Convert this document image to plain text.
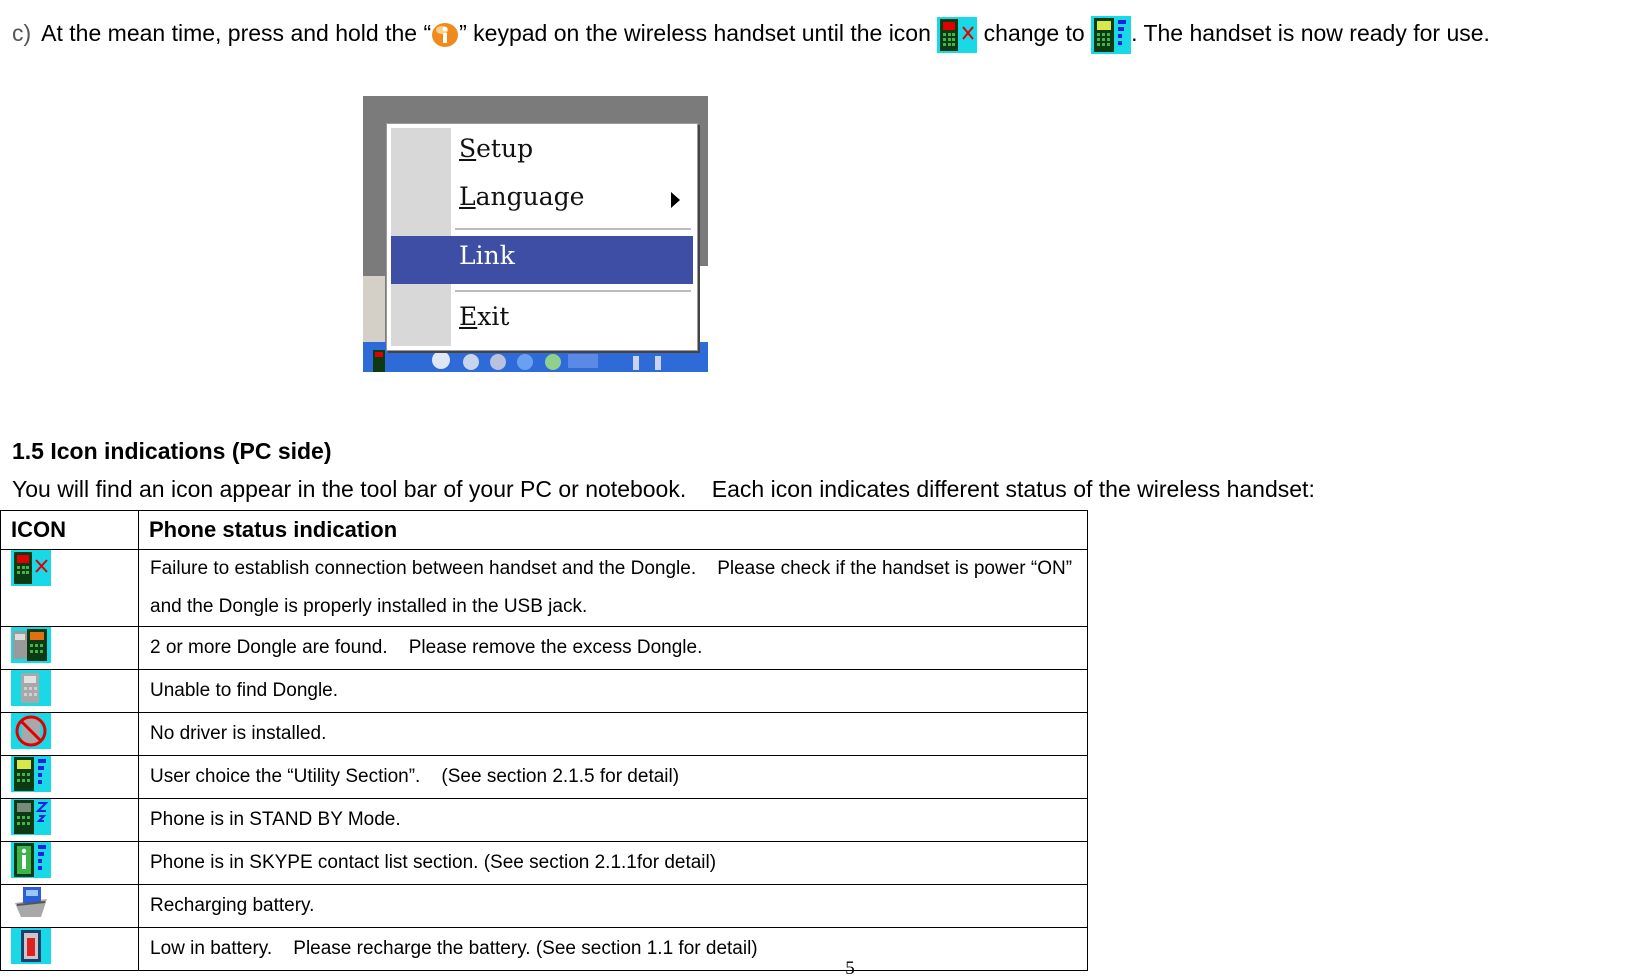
c) At the mean time, press and hold the “ ” keypad on the wireless handset until the icon change to . The handset is now ready for use.
Setup
Language
Link
Exit
1.5 Icon indications (PC side)
You will find an icon appear in the tool bar of your PC or notebook.    Each icon indicates different status of the wireless handset:
ICON	Phone status indication
	Failure to establish connection between handset and the Dongle.    Please check if the handset is power “ON” and the Dongle is properly installed in the USB jack.
	2 or more Dongle are found.    Please remove the excess Dongle.
	Unable to find Dongle.
	No driver is installed.
	User choice the “Utility Section”.    (See section 2.1.5 for detail)
	Phone is in STAND BY Mode.
	Phone is in SKYPE contact list section. (See section 2.1.1for detail)
	Recharging battery.
	Low in battery.    Please recharge the battery. (See section 1.1 for detail)
5
